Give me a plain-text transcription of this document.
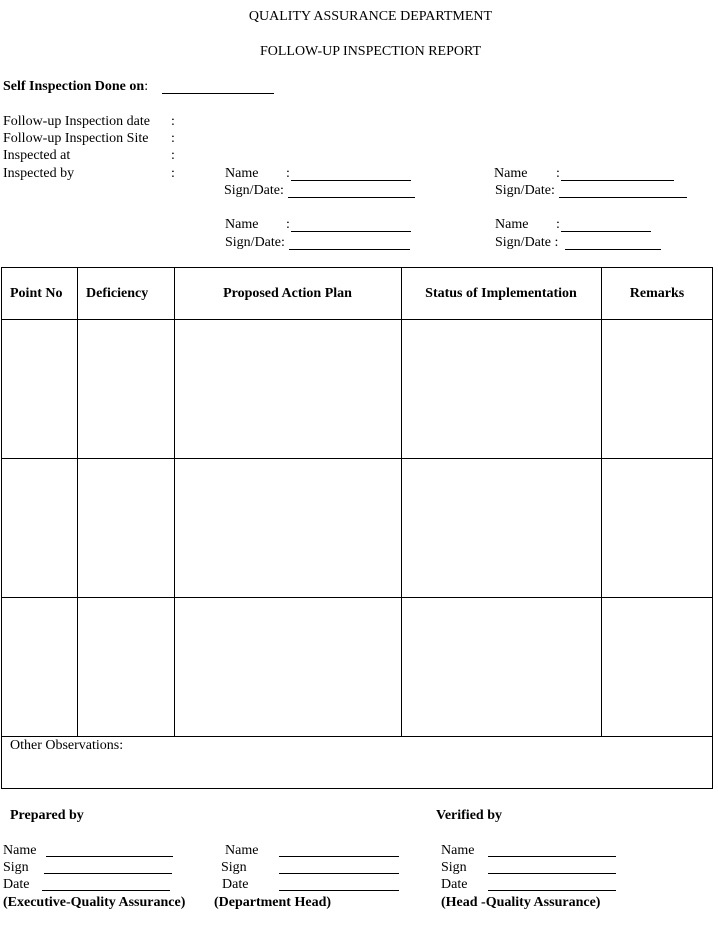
QUALITY ASSURANCE DEPARTMENT
FOLLOW-UP INSPECTION REPORT
Self Inspection Done on:
Follow-up Inspection date :
Follow-up Inspection Site :
Inspected at	:
Inspected by	:	Name :
Sign/Date:
Name :
Sign/Date:
Name :
Sign/Date:
Name :
Sign/Date :
Point No	Deficiency	Proposed Action Plan	Status of Implementation	Remarks
Other Observations:
Prepared by	Verified by
Name
Sign
Date
(Executive-Quality Assurance)
Name
Sign
Date
(Department Head)
Name
Sign
Date
(Head -Quality Assurance)
